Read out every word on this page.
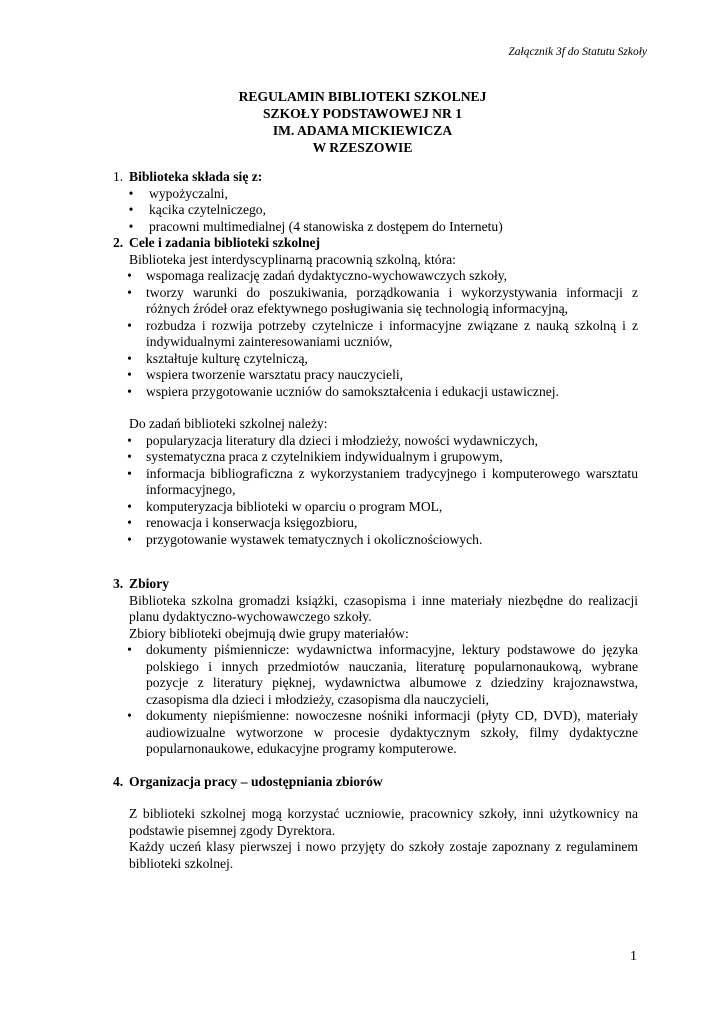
Załącznik 3f do Statutu Szkoły
REGULAMIN BIBLIOTEKI SZKOLNEJ
SZKOŁY PODSTAWOWEJ NR 1
IM. ADAMA MICKIEWICZA
W RZESZOWIE
1. Biblioteka składa się z:
•	wypożyczalni,
•	kącika czytelniczego,
•	pracowni multimedialnej (4 stanowiska z dostępem do Internetu)
2. Cele i zadania biblioteki szkolnej
Biblioteka jest interdyscyplinarną pracownią szkolną, która:
•	wspomaga realizację zadań dydaktyczno-wychowawczych szkoły,
•	tworzy warunki do poszukiwania, porządkowania i wykorzystywania informacji z różnych źródeł oraz efektywnego posługiwania się technologią informacyjną,
•	rozbudza i rozwija potrzeby czytelnicze i informacyjne związane z nauką szkolną i z indywidualnymi zainteresowaniami uczniów,
•	kształtuje kulturę czytelniczą,
•	wspiera tworzenie warsztatu pracy nauczycieli,
•	wspiera przygotowanie uczniów do samokształcenia i edukacji ustawicznej.
Do zadań biblioteki szkolnej należy:
•	popularyzacja literatury dla dzieci i młodzieży, nowości wydawniczych,
•	systematyczna praca z czytelnikiem indywidualnym i grupowym,
•	informacja bibliograficzna z wykorzystaniem tradycyjnego i komputerowego warsztatu informacyjnego,
•	komputeryzacja biblioteki w oparciu o program MOL,
•	renowacja i konserwacja księgozbioru,
•	przygotowanie wystawek tematycznych i okolicznościowych.
3. Zbiory
Biblioteka szkolna gromadzi książki, czasopisma i inne materiały niezbędne do realizacji planu dydaktyczno-wychowawczego szkoły.
Zbiory biblioteki obejmują dwie grupy materiałów:
•	dokumenty piśmiennicze: wydawnictwa informacyjne, lektury podstawowe do języka polskiego i innych przedmiotów nauczania, literaturę popularnonaukową, wybrane pozycje z literatury pięknej, wydawnictwa albumowe z dziedziny krajoznawstwa, czasopisma dla dzieci i młodzieży, czasopisma dla nauczycieli,
•	dokumenty niepiśmienne: nowoczesne nośniki informacji (płyty CD, DVD), materiały audiowizualne wytworzone w procesie dydaktycznym szkoły, filmy dydaktyczne popularnonaukowe, edukacyjne programy komputerowe.
4. Organizacja pracy – udostępniania zbiorów
Z biblioteki szkolnej mogą korzystać uczniowie, pracownicy szkoły, inni użytkownicy na podstawie pisemnej zgody Dyrektora.
Każdy uczeń klasy pierwszej i nowo przyjęty do szkoły zostaje zapoznany z regulaminem biblioteki szkolnej.
1
